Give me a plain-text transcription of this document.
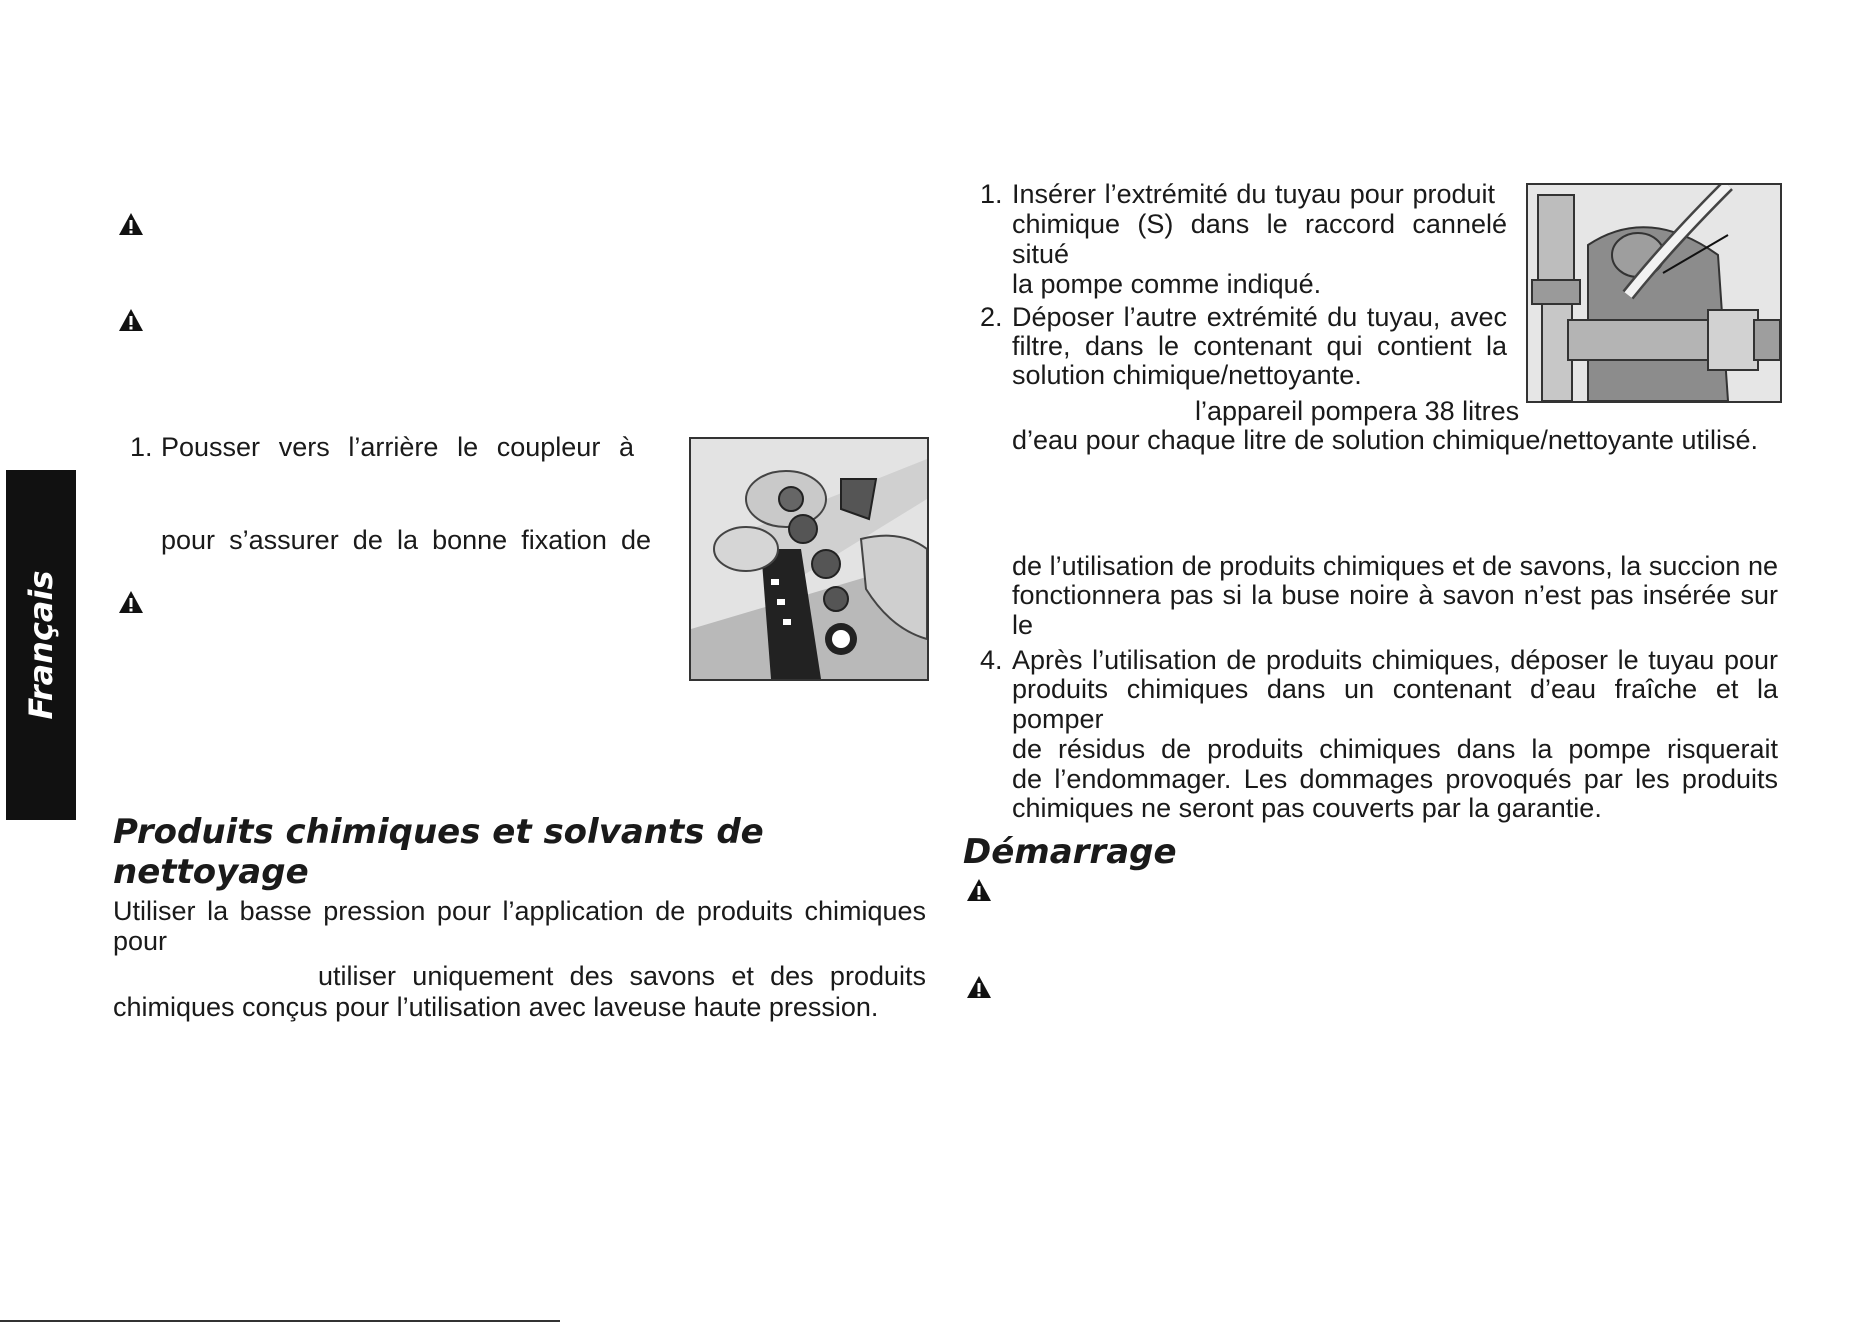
Français
1. Pousser vers l’arrière le coupleur à
pour s’assurer de la bonne fixation de
Produits chimiques et solvants de
nettoyage
Utiliser la basse pression pour l’application de produits chimiques pour
utiliser uniquement des savons et des produits
chimiques conçus pour l’utilisation avec laveuse haute pression.
1. Insérer l’extrémité du tuyau pour produit
chimique (S) dans le raccord cannelé situé
la pompe comme indiqué.
2. Déposer l’autre extrémité du tuyau, avec
filtre, dans le contenant qui contient la
solution chimique/nettoyante.
l’appareil pompera 38 litres
d’eau pour chaque litre de solution chimique/nettoyante utilisé.
de l’utilisation de produits chimiques et de savons, la succion ne
fonctionnera pas si la buse noire à savon n’est pas insérée sur le
4. Après l’utilisation de produits chimiques, déposer le tuyau pour
produits chimiques dans un contenant d’eau fraîche et la pomper
de résidus de produits chimiques dans la pompe risquerait
de l’endommager. Les dommages provoqués par les produits
chimiques ne seront pas couverts par la garantie.
Démarrage
